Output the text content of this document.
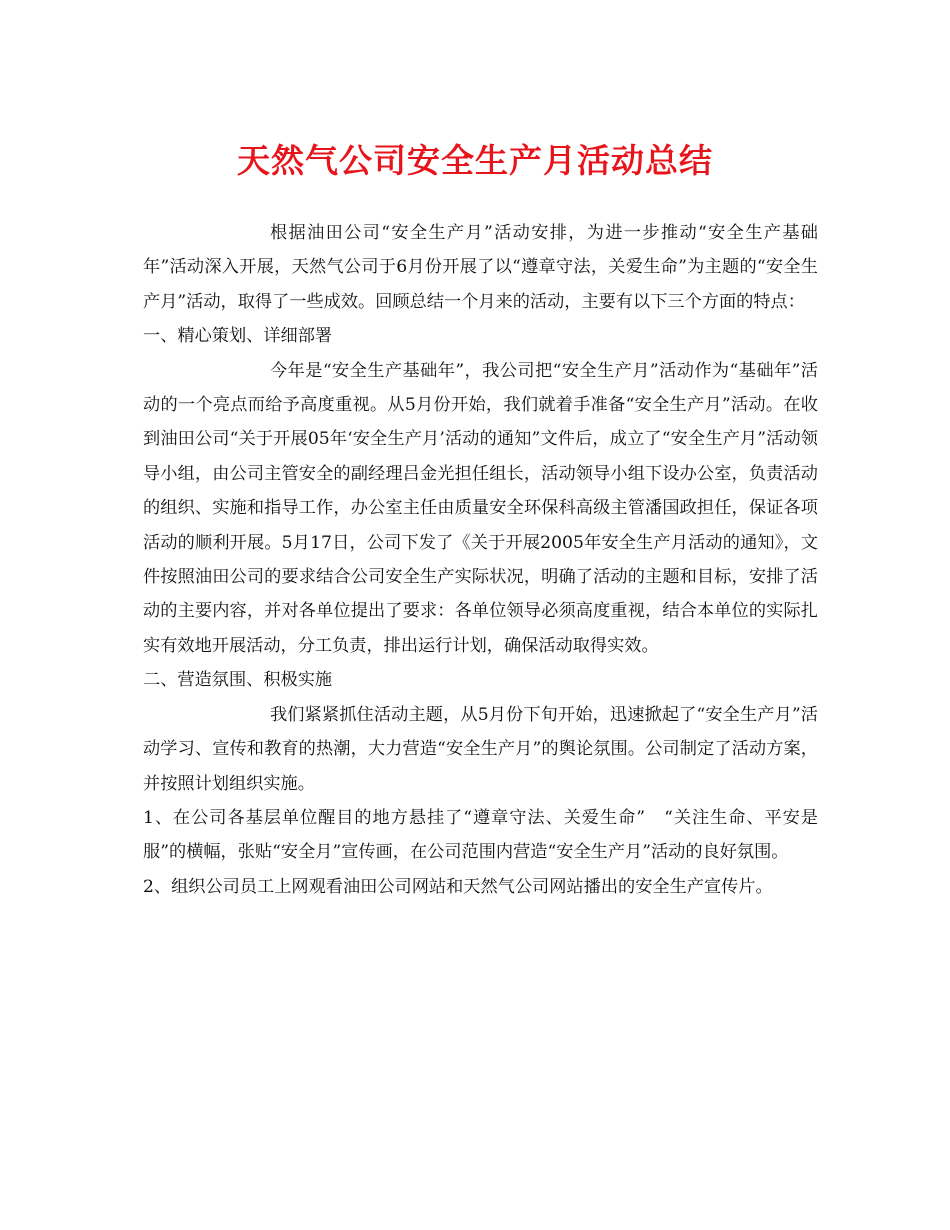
天然气公司安全生产月活动总结

根据油田公司“安全生产月”活动安排，为进一步推动“安全生产基础年”活动深入开展，天然气公司于6月份开展了以“遵章守法，关爱生命”为主题的“安全生产月”活动，取得了一些成效。回顾总结一个月来的活动，主要有以下三个方面的特点：

一、精心策划、详细部署

今年是“安全生产基础年”，我公司把“安全生产月”活动作为“基础年”活动的一个亮点而给予高度重视。从5月份开始，我们就着手准备“安全生产月”活动。在收到油田公司“关于开展05年‘安全生产月’活动的通知”文件后，成立了“安全生产月”活动领导小组，由公司主管安全的副经理吕金光担任组长，活动领导小组下设办公室，负责活动的组织、实施和指导工作，办公室主任由质量安全环保科高级主管潘国政担任，保证各项活动的顺利开展。5月17日，公司下发了《关于开展2005年安全生产月活动的通知》，文件按照油田公司的要求结合公司安全生产实际状况，明确了活动的主题和目标，安排了活动的主要内容，并对各单位提出了要求：各单位领导必须高度重视，结合本单位的实际扎实有效地开展活动，分工负责，排出运行计划，确保活动取得实效。

二、营造氛围、积极实施

我们紧紧抓住活动主题，从5月份下旬开始，迅速掀起了“安全生产月”活动学习、宣传和教育的热潮，大力营造“安全生产月”的舆论氛围。公司制定了活动方案，并按照计划组织实施。

1、在公司各基层单位醒目的地方悬挂了“遵章守法、关爱生命”　“关注生命、平安是服”的横幅，张贴“安全月”宣传画，在公司范围内营造“安全生产月”活动的良好氛围。

2、组织公司员工上网观看油田公司网站和天然气公司网站播出的安全生产宣传片。
